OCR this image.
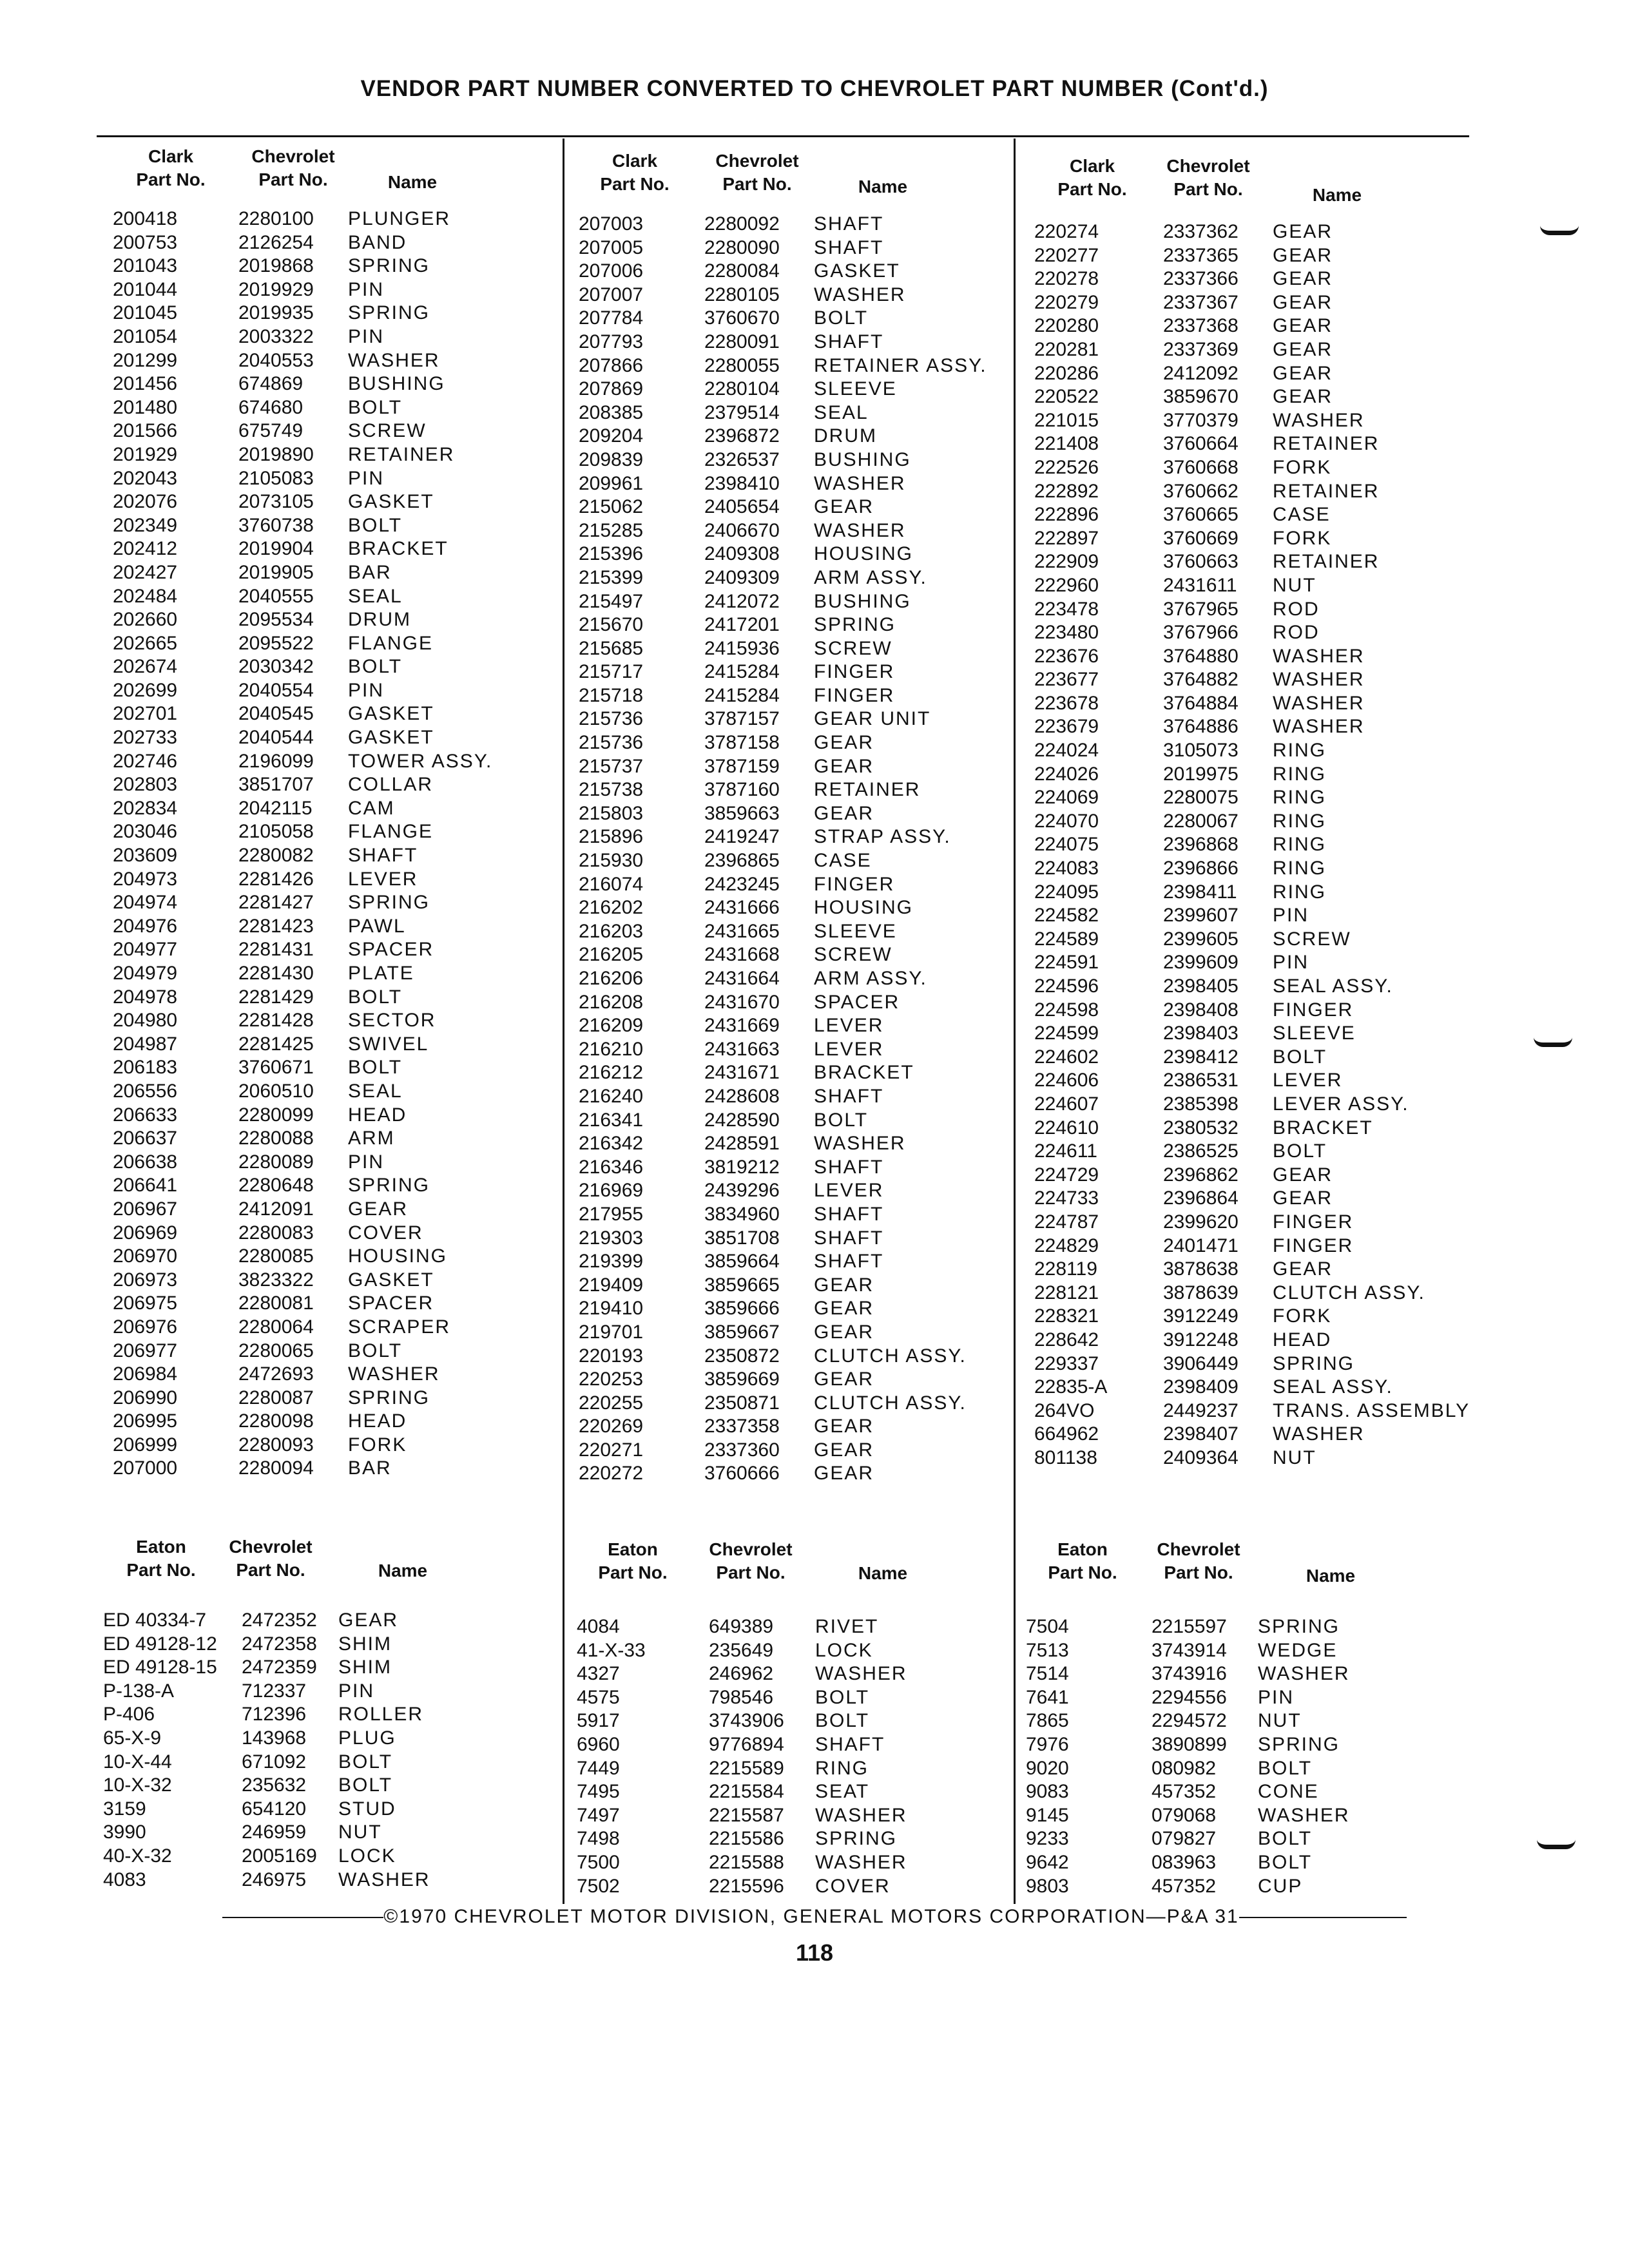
VENDOR PART NUMBER CONVERTED TO CHEVROLET PART NUMBER (Cont'd.)
Clark
Part No.
Chevrolet
Part No.
Clark
Part No.
Chevrolet
Part No.
Clark
Part No.
Chevrolet
Part No.
Name	Name	Name
200418	2280100 PLUNGER
200753	2126254 BAND
201043	2019868 SPRING
201044	2019929 PIN
201045	2019935 SPRING
201054	2003322 PIN
201299	2040553 WASHER
201456	674869 BUSHING
201480	674680 BOLT
201566	675749 SCREW
201929	2019890 RETAINER
202043	2105083 PIN
202076	2073105 GASKET
202349	3760738 BOLT
202412	2019904 BRACKET
202427	2019905 BAR
202484	2040555 SEAL
202660	2095534 DRUM
202665	2095522 FLANGE
202674	2030342 BOLT
202699	2040554 PIN
202701	2040545 GASKET
202733	2040544 GASKET
202746	2196099 TOWER ASSY.
202803	3851707 COLLAR
202834	2042115 CAM
203046	2105058 FLANGE
203609	2280082 SHAFT
204973	2281426 LEVER
204974	2281427 SPRING
204976	2281423 PAWL
204977	2281431 SPACER
204979	2281430 PLATE
204978	2281429 BOLT
204980	2281428 SECTOR
204987	2281425 SWIVEL
206183	3760671 BOLT
206556	2060510 SEAL
206633	2280099 HEAD
206637	2280088 ARM
206638	2280089 PIN
206641	2280648 SPRING
206967	2412091 GEAR
206969	2280083 COVER
206970	2280085 HOUSING
206973	3823322 GASKET
206975	2280081 SPACER
206976	2280064 SCRAPER
206977	2280065 BOLT
206984	2472693 WASHER
206990	2280087 SPRING
206995	2280098 HEAD
206999	2280093 FORK
207000	2280094 BAR
207003	2280092 SHAFT
207005	2280090 SHAFT
207006	2280084 GASKET
207007	2280105 WASHER
207784	3760670 BOLT
207793	2280091 SHAFT
207866	2280055 RETAINER ASSY.
207869	2280104 SLEEVE
208385	2379514 SEAL
209204	2396872 DRUM
209839	2326537 BUSHING
209961	2398410 WASHER
215062	2405654 GEAR
215285	2406670 WASHER
215396	2409308 HOUSING
215399	2409309 ARM ASSY.
215497	2412072 BUSHING
215670	2417201 SPRING
215685	2415936 SCREW
215717	2415284 FINGER
215718	2415284 FINGER
215736	3787157 GEAR UNIT
215736	3787158 GEAR
215737	3787159 GEAR
215738	3787160 RETAINER
215803	3859663 GEAR
215896	2419247 STRAP ASSY.
215930	2396865 CASE
216074	2423245 FINGER
216202	2431666 HOUSING
216203	2431665 SLEEVE
216205	2431668 SCREW
216206	2431664 ARM ASSY.
216208	2431670 SPACER
216209	2431669 LEVER
216210	2431663 LEVER
216212	2431671 BRACKET
216240	2428608 SHAFT
216341	2428590 BOLT
216342	2428591 WASHER
216346	3819212 SHAFT
216969	2439296 LEVER
217955	3834960 SHAFT
219303	3851708 SHAFT
219399	3859664 SHAFT
219409	3859665 GEAR
219410	3859666 GEAR
219701	3859667 GEAR
220193	2350872 CLUTCH ASSY.
220253	3859669 GEAR
220255	2350871 CLUTCH ASSY.
220269	2337358 GEAR
220271	2337360 GEAR
220272	3760666 GEAR
220274	2337362 GEAR
220277	2337365 GEAR
220278	2337366 GEAR
220279	2337367 GEAR
220280	2337368 GEAR
220281	2337369 GEAR
220286	2412092 GEAR
220522	3859670 GEAR
221015	3770379 WASHER
221408	3760664 RETAINER
222526	3760668 FORK
222892	3760662 RETAINER
222896	3760665 CASE
222897	3760669 FORK
222909	3760663 RETAINER
222960	2431611 NUT
223478	3767965 ROD
223480	3767966 ROD
223676	3764880 WASHER
223677	3764882 WASHER
223678	3764884 WASHER
223679	3764886 WASHER
224024	3105073 RING
224026	2019975 RING
224069	2280075 RING
224070	2280067 RING
224075	2396868 RING
224083	2396866 RING
224095	2398411 RING
224582	2399607 PIN
224589	2399605 SCREW
224591	2399609 PIN
224596	2398405 SEAL ASSY.
224598	2398408 FINGER
224599	2398403 SLEEVE
224602	2398412 BOLT
224606	2386531 LEVER
224607	2385398 LEVER ASSY.
224610	2380532 BRACKET
224611	2386525 BOLT
224729	2396862 GEAR
224733	2396864 GEAR
224787	2399620 FINGER
224829	2401471 FINGER
228119	3878638 GEAR
228121	3878639 CLUTCH ASSY.
228321	3912249 FORK
228642	3912248 HEAD
229337	3906449 SPRING
22835-A	2398409 SEAL ASSY.
264VO	2449237 TRANS. ASSEMBLY
664962	2398407 WASHER
801138	2409364 NUT
Eaton
Part No.
Chevrolet
Part No.	Name
Eaton
Part No.
Chevrolet
Part No.	Name
Eaton
Part No.
Chevrolet
Part No.	Name
ED 40334-7 2472352 GEAR
ED 49128-12 2472358 SHIM
ED 49128-15 2472359 SHIM
P-138-A	712337 PIN
P-406	712396 ROLLER
65-X-9	143968 PLUG
10-X-44	671092 BOLT
10-X-32	235632 BOLT
3159	654120 STUD
3990	246959 NUT
40-X-32	2005169 LOCK
4083	246975 WASHER
4084	649389 RIVET
41-X-33	235649 LOCK
4327	246962 WASHER
4575	798546 BOLT
5917	3743906 BOLT
6960	9776894 SHAFT
7449	2215589 RING
7495	2215584 SEAT
7497	2215587 WASHER
7498	2215586 SPRING
7500	2215588 WASHER
7502	2215596 COVER
7504	2215597 SPRING
7513	3743914 WEDGE
7514	3743916 WASHER
7641	2294556 PIN
7865	2294572 NUT
7976	3890899 SPRING
9020	080982 BOLT
9083	457352 CONE
9145	079068 WASHER
9233	079827 BOLT
9642	083963 BOLT
9803	457352 CUP
©1970 CHEVROLET MOTOR DIVISION, GENERAL MOTORS CORPORATION—P&A 31
118
